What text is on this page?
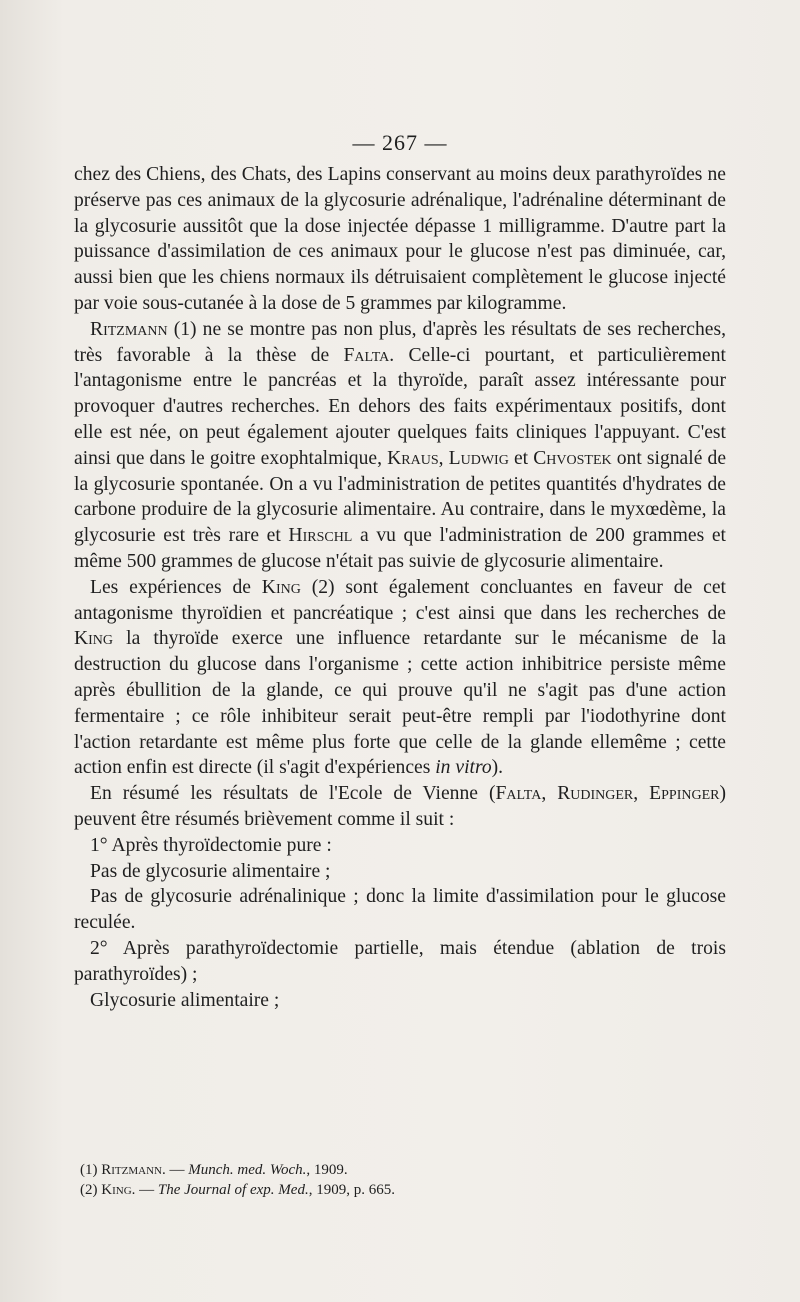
— 267 —

chez des Chiens, des Chats, des Lapins conservant au moins deux parathyroïdes ne préserve pas ces animaux de la glycosurie adrénalique, l'adrénaline déterminant de la glycosurie aussitôt que la dose injectée dépasse 1 milligramme. D'autre part la puissance d'assimilation de ces animaux pour le glucose n'est pas diminuée, car, aussi bien que les chiens normaux ils détruisaient complètement le glucose injecté par voie sous-cutanée à la dose de 5 grammes par kilogramme.

Ritzmann (1) ne se montre pas non plus, d'après les résultats de ses recherches, très favorable à la thèse de Falta. Celle-ci pourtant, et particulièrement l'antagonisme entre le pancréas et la thyroïde, paraît assez intéressante pour provoquer d'autres recherches. En dehors des faits expérimentaux positifs, dont elle est née, on peut également ajouter quelques faits cliniques l'appuyant. C'est ainsi que dans le goitre exophtalmique, Kraus, Ludwig et Chvostek ont signalé de la glycosurie spontanée. On a vu l'administration de petites quantités d'hydrates de carbone produire de la glycosurie alimentaire. Au contraire, dans le myxœdème, la glycosurie est très rare et Hirschl a vu que l'administration de 200 grammes et même 500 grammes de glucose n'était pas suivie de glycosurie alimentaire.

Les expériences de King (2) sont également concluantes en faveur de cet antagonisme thyroïdien et pancréatique ; c'est ainsi que dans les recherches de King la thyroïde exerce une influence retardante sur le mécanisme de la destruction du glucose dans l'organisme ; cette action inhibitrice persiste même après ébullition de la glande, ce qui prouve qu'il ne s'agit pas d'une action fermentaire ; ce rôle inhibiteur serait peut-être rempli par l'iodothyrine dont l'action retardante est même plus forte que celle de la glande ellemême ; cette action enfin est directe (il s'agit d'expériences in vitro).

En résumé les résultats de l'Ecole de Vienne (Falta, Rudinger, Eppinger) peuvent être résumés brièvement comme il suit :

1° Après thyroïdectomie pure :

Pas de glycosurie alimentaire ;

Pas de glycosurie adrénalinique ; donc la limite d'assimilation pour le glucose reculée.

2° Après parathyroïdectomie partielle, mais étendue (ablation de trois parathyroïdes) ;

Glycosurie alimentaire ;

(1) Ritzmann. — Munch. med. Woch., 1909.

(2) King. — The Journal of exp. Med., 1909, p. 665.
